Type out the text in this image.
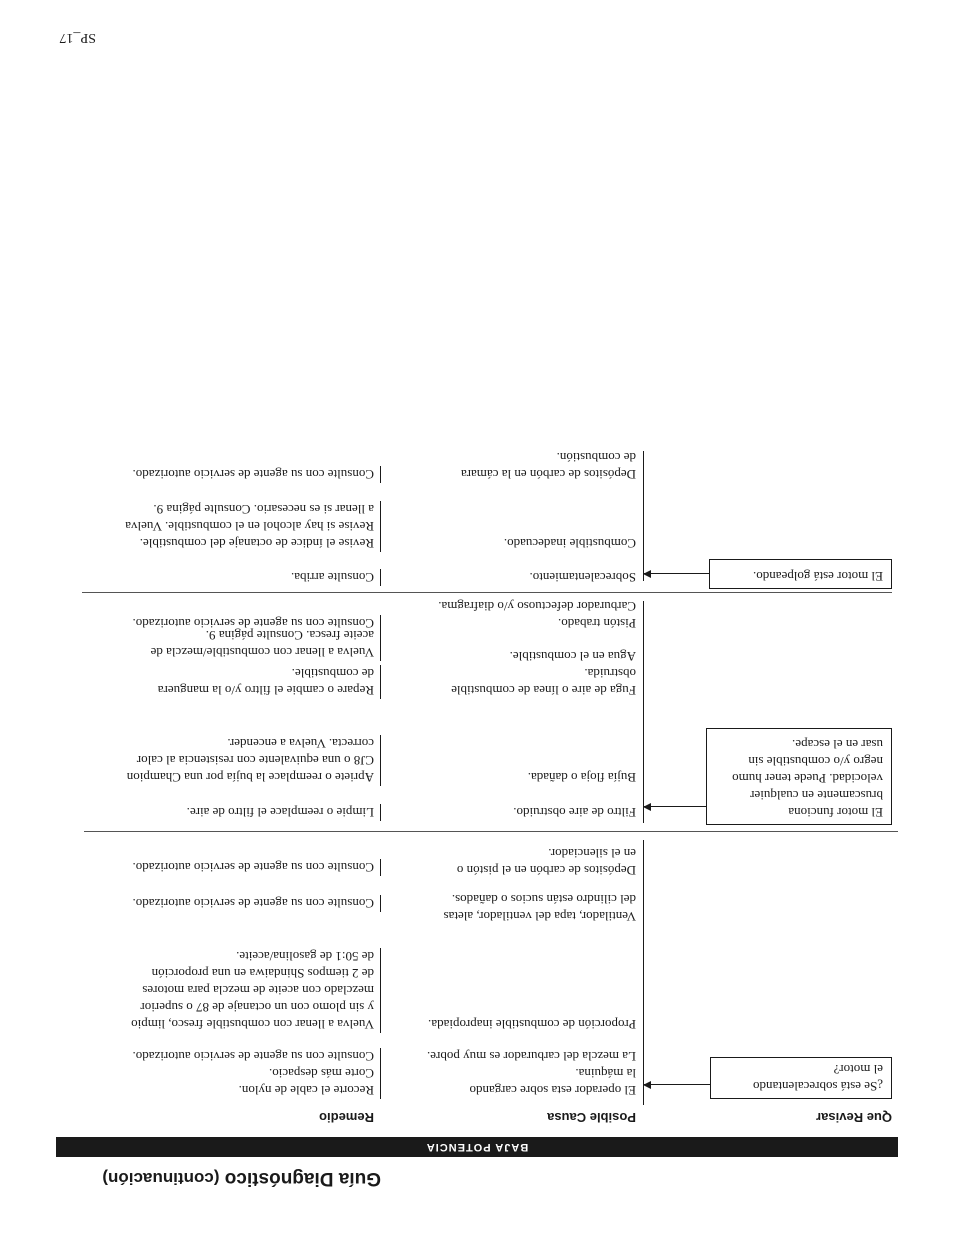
SP_17
Guía Diagnóstico (continuación)
BAJA POTENCIA
Que Revisar
Posible Causa
Remedio
¿Se está sobrecalentando
el motor?
El operador esta sobre cargando
la máquina.
Recorte el cable de nylon.
Corte más despacio.
La mezcla del carburador es muy pobre.
Consulte con su agente de servicio autorizado.
Proporción de combustible inapropiada.
Vuelva a llenar con combustible fresco, limpio
y sin plomo con un octanaje de 87 o superior
mezclado con aceite de mezcla para motores
de 2 tiempos Shindaiwa en una proporción
de 50:1 de gasolina/aceite.
Ventilador, tapa del ventilador, aletas
del cilindro están sucios o dañados.
Consulte con su agente de servicio autorizado.
Depósitos de carbón en el pistón o
en el silenciador.
Consulte con su agente de servicio autorizado.
El motor funciona
bruscamente en cualquier
velocidad. Puede tener humo
negro y/o combustible sin
usar en el escape.
Filtro de aire obstruido.
Limpie o reemplace el filtro de aire.
Bujía floja o dañada.
Apriete o reemplace la bujía por una Champion
CJ8 o una equivalente con resistencia al calor
correcta. Vuelva a encender.
Fuga de aire o línea de combustible
obstruida.
Repare o cambie el filtro y/o la manguera
de combustible.
Agua en el combustible.
Vuelva a llenar con combustible/mezcla de
aceite fresca. Consulte página 9.
Pistón trabado.
Consulte con su agente de servicio autorizado.
Carburador defectuoso y/o diafragma.
El motor está golpeando.
Sobrecalentamiento.
Consulte arriba.
Combustible inadecuado.
Revise el índice de octanaje del combustible.
Revise si hay alcohol en el combustible. Vuelva
a llenar si es necesario. Consulte página 9.
Depósitos de carbón en la cámara
de combustión.
Consulte con su agente de servicio autorizado.
